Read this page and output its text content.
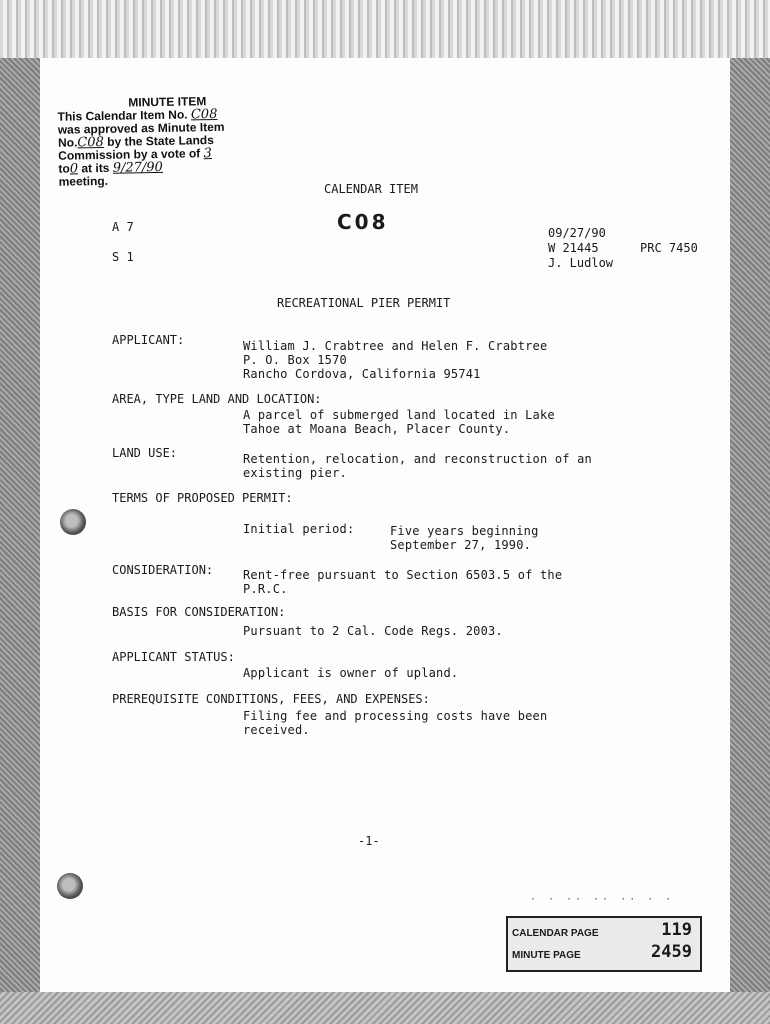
MINUTE ITEM
This Calendar Item No. C08
was approved as Minute Item
No.C08 by the State Lands
Commission by a vote of 3
to0 at its 9/27/90
meeting.
CALENDAR ITEM
C08
A 7
S 1
09/27/90
W 21445	PRC 7450
J. Ludlow
RECREATIONAL PIER PERMIT
APPLICANT:	William J. Crabtree and Helen F. Crabtree
P. O. Box 1570
Rancho Cordova, California 95741
AREA, TYPE LAND AND LOCATION:
A parcel of submerged land located in Lake
Tahoe at Moana Beach, Placer County.
LAND USE:	Retention, relocation, and reconstruction of an
existing pier.
TERMS OF PROPOSED PERMIT:
Initial period:	Five years beginning
September 27, 1990.
CONSIDERATION: Rent-free pursuant to Section 6503.5 of the
P.R.C.
BASIS FOR CONSIDERATION:
Pursuant to 2 Cal. Code Regs. 2003.
APPLICANT STATUS:
Applicant is owner of upland.
PREREQUISITE CONDITIONS, FEES, AND EXPENSES:
Filing fee and processing costs have been
received.
-1-
· · ·· ·· ·· · ·
CALENDAR PAGE	119
MINUTE PAGE	2459
